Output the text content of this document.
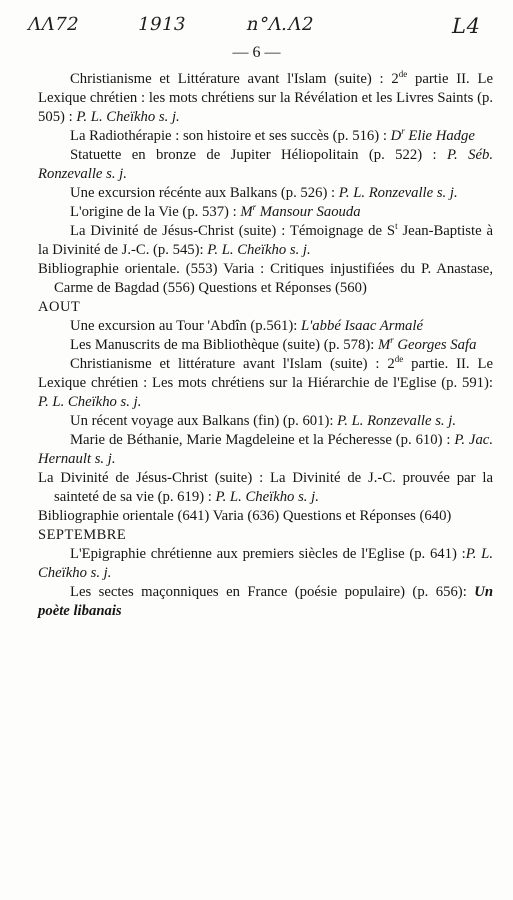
ΛΛ72	1913	n°Λ.Λ2	L4
— 6 —

Christianisme et Littérature avant l'Islam (suite) : 2de partie II. Le Lexique chrétien : les mots chrétiens sur la Révélation et les Livres Saints (p. 505) : P. L. Cheïkho s. j.

La Radiothérapie : son histoire et ses succès (p. 516) : $D^r$ Elie Hadge

Statuette en bronze de Jupiter Héliopolitain (p. 522) : P. Séb. Ronzevalle s. j.

Une excursion récénte aux Balkans (p. 526) : P. L. Ronzevalle s. j.

L'origine de la Vie (p. 537) : $M^r$ Mansour Saouda

La Divinité de Jésus-Christ (suite) : Témoignage de $S^t$ Jean-Baptiste à la Divinité de J.-C. (p. 545): P. L. Cheïkho s. j.

Bibliographie orientale. (553) Varia : Critiques injustifiées du P. Anastase, Carme de Bagdad (556) Questions et Réponses (560)

AOUT

Une excursion au Tour 'Abdîn (p.561): L'abbé Isaac Armalé

Les Manuscrits de ma Bibliothèque (suite) (p. 578): $M^r$ Georges Safa

Christianisme et littérature avant l'Islam (suite) : 2de partie. II. Le Lexique chrétien : Les mots chrétiens sur la Hiérarchie de l'Eglise (p. 591): P. L. Cheïkho s. j.

Un récent voyage aux Balkans (fin) (p. 601): P. L. Ronzevalle s. j.

Marie de Béthanie, Marie Magdeleine et la Pécheresse (p. 610) : P. Jac. Hernault s. j.

La Divinité de Jésus-Christ (suite) : La Divinité de J.-C. prouvée par la sainteté de sa vie (p. 619) : P. L. Cheïkho s. j.

Bibliographie orientale (641) Varia (636) Questions et Réponses (640)

SEPTEMBRE

L'Epigraphie chrétienne aux premiers siècles de l'Eglise (p. 641) :P. L. Cheïkho s. j.

Les sectes maçonniques en France (poésie populaire) (p. 656): Un poète libanais
